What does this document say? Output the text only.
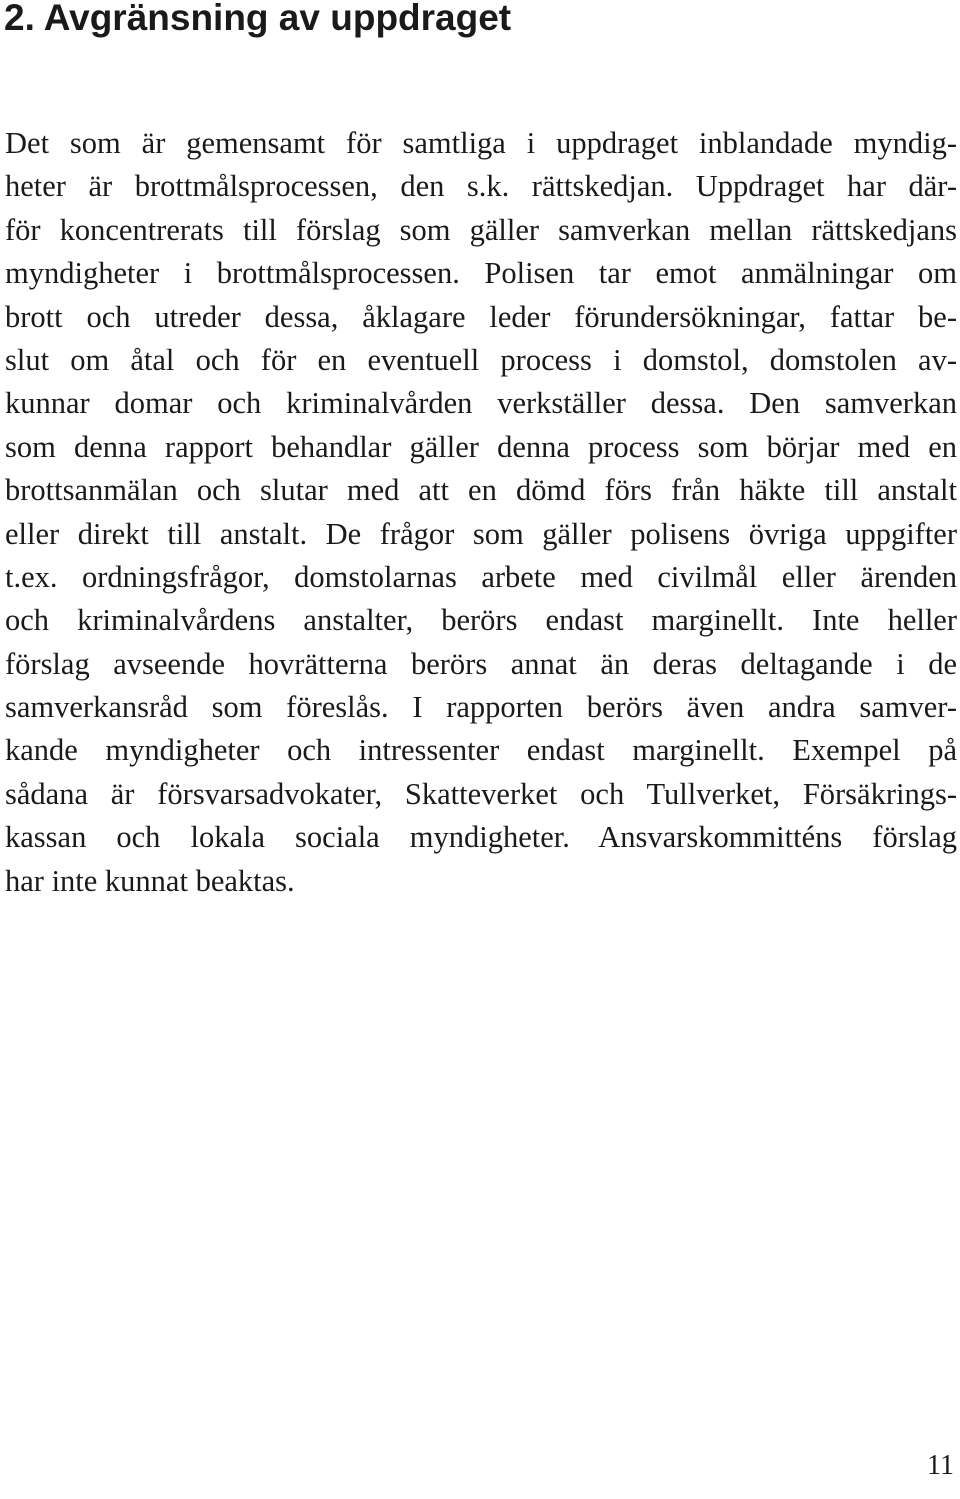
2. Avgränsning av uppdraget
Det som är gemensamt för samtliga i uppdraget inblandade myndig-
heter är brottmålsprocessen, den s.k. rättskedjan. Uppdraget har där-
för koncentrerats till förslag som gäller samverkan mellan rättskedjans
myndigheter i brottmålsprocessen. Polisen tar emot anmälningar om
brott och utreder dessa, åklagare leder förundersökningar, fattar be-
slut om åtal och för en eventuell process i domstol, domstolen av-
kunnar domar och kriminalvården verkställer dessa. Den samverkan
som denna rapport behandlar gäller denna process som börjar med en
brottsanmälan och slutar med att en dömd förs från häkte till anstalt
eller direkt till anstalt. De frågor som gäller polisens övriga uppgifter
t.ex. ordningsfrågor, domstolarnas arbete med civilmål eller ärenden
och kriminalvårdens anstalter, berörs endast marginellt. Inte heller
förslag avseende hovrätterna berörs annat än deras deltagande i de
samverkansråd som föreslås. I rapporten berörs även andra samver-
kande myndigheter och intressenter endast marginellt. Exempel på
sådana är försvarsadvokater, Skatteverket och Tullverket, Försäkrings-
kassan och lokala sociala myndigheter. Ansvarskommitténs förslag
har inte kunnat beaktas.
11
